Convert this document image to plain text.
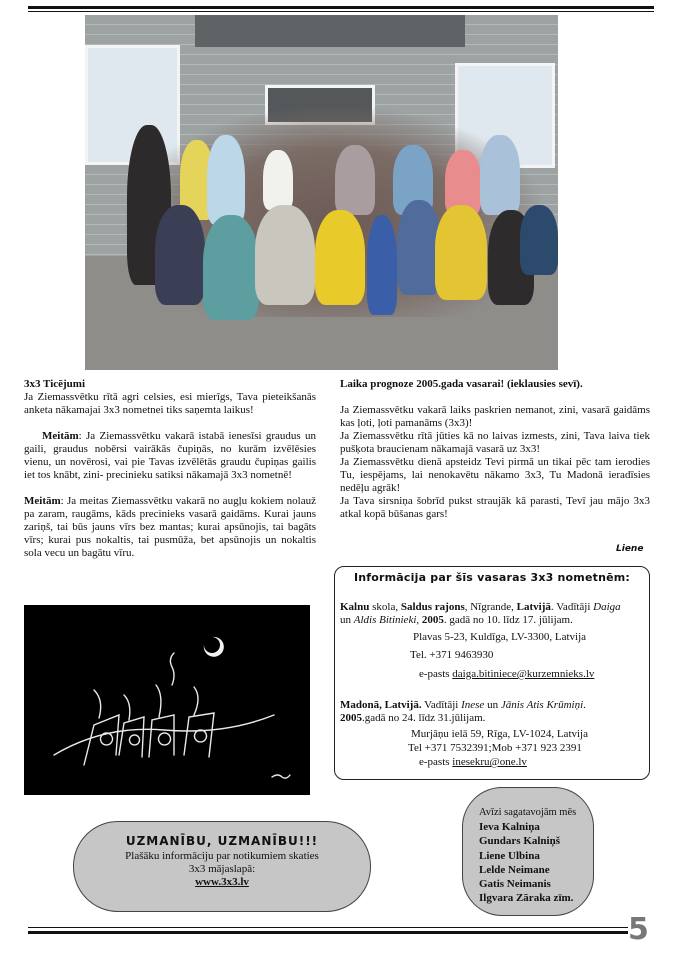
3x3 Ticējumi

Ja Ziemassvētku rītā agri celsies, esi mierīgs, Tava pieteikšanās anketa nākamajai 3x3 nometnei tiks saņemta laikus!

Meitām: Ja Ziemassvētku vakarā istabā ienesīsi graudus un gaili, graudus nobērsi vairākās čupiņās, no kurām izvēlēsies vienu, un novērosi, vai pie Tavas izvēlētās graudu čupiņas gailis iet tos knābt, zini- precinieku satiksi nākamajā 3x3 nometnē!

Meitām: Ja meitas Ziemassvētku vakarā no augļu kokiem nolauž pa zaram, raugāms, kāds precinieks vasarā gaidāms. Kurai jauns zariņš, tai būs jauns vīrs bez mantas; kurai apsūnojis, tai bagāts vīrs; kurai pus nokaltis, tai pusmūža, bet apsūnojis un nokaltis sola vecu un bagātu vīru.

Laika prognoze 2005.gada vasarai! (ieklausies sevī).

Ja Ziemassvētku vakarā laiks paskrien nemanot, zini, vasarā gaidāms kas ļoti, ļoti pamanāms (3x3)!

Ja Ziemassvētku rītā jūties kā no laivas izmests, zini, Tava laiva tiek pušķota braucienam nākamajā vasarā uz 3x3!

Ja Ziemassvētku dienā apsteidz Tevi pirmā un tikai pēc tam ierodies Tu, iespējams, lai nenokavētu nākamo 3x3, Tu Madonā ieradīsies nedēļu agrāk!

Ja Tava sirsniņa šobrīd pukst straujāk kā parasti, Tevī jau mājo 3x3 atkal kopā būšanas gars!

Liene
Informācija par šīs vasaras 3x3 nometnēm:
Kalnu skola, Saldus rajons, Nīgrande, Latvijā. Vadītāji Daiga
un Aldis Bitinieki, 2005. gadā no 10. līdz 17. jūlijam.
Plavas 5-23, Kuldīga, LV-3300, Latvija
Tel. +371 9463930
e-pasts daiga.bitiniece@kurzemnieks.lv
Madonā, Latvijā. Vadītāji Inese un Jānis Atis Krūmiņi.
2005.gadā no 24. līdz 31.jūlijam.
Murjāņu ielā 59, Rīga, LV-1024, Latvija
Tel +371 7532391;Mob +371 923 2391
e-pasts inesekru@one.lv
UZMANĪBU, UZMANĪBU!!!
Plašāku informāciju par notikumiem skaties
3x3 mājaslapā:
www.3x3.lv
Avīzi sagatavojām mēs
Ieva Kalniņa
Gundars Kalniņš
Liene Ulbina
Lelde Neimane
Gatis Neimanis
Ilgvara Zāraka zīm.
5
